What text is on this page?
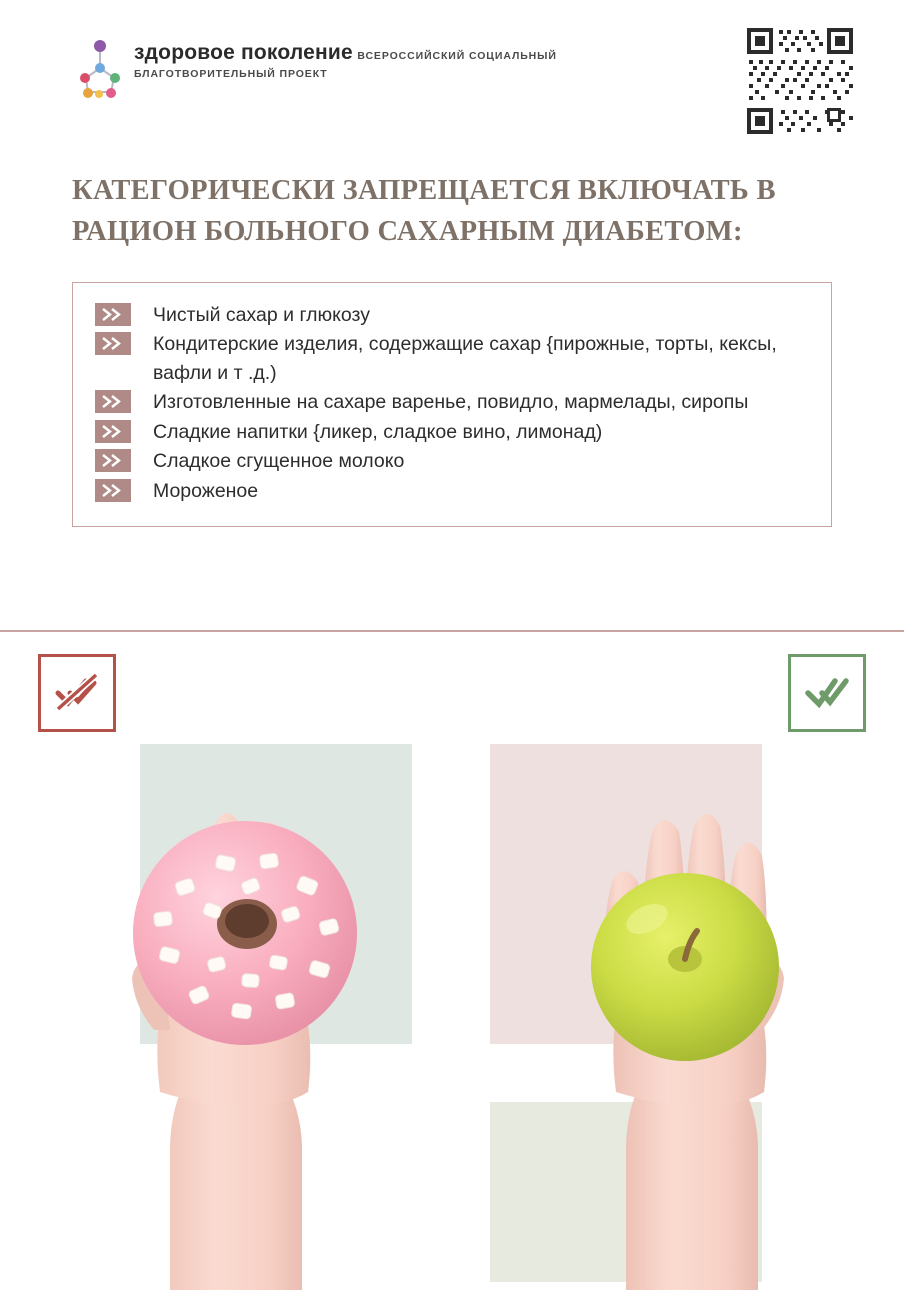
здоровое поколение ВСЕРОССИЙСКИЙ СОЦИАЛЬНЫЙ
БЛАГОТВОРИТЕЛЬНЫЙ ПРОЕКТ
КАТЕГОРИЧЕСКИ ЗАПРЕЩАЕТСЯ ВКЛЮЧАТЬ В РАЦИОН БОЛЬНОГО САХАРНЫМ ДИАБЕТОМ:
Чистый сахар и глюкозу
Кондитерские изделия, содержащие сахар {пирожные, торты, кексы, вафли и т .д.)
Изготовленные на сахаре варенье, повидло, мармелады, сиропы
Сладкие напитки {ликер, сладкое вино, лимонад)
Сладкое сгущенное молоко
Мороженое
